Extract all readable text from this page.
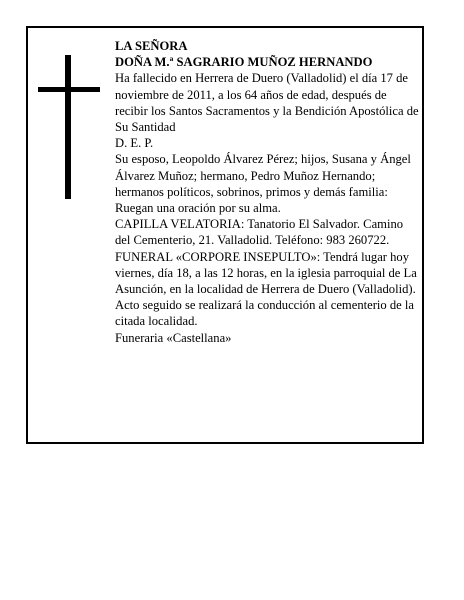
LA SEÑORA

DOÑA M.ª SAGRARIO MUÑOZ HERNANDO

Ha fallecido en Herrera de Duero (Valladolid) el día 17 de noviembre de 2011, a los 64 años de edad, después de recibir los Santos Sacramentos y la Bendición Apostólica de Su Santidad

D. E. P.

Su esposo, Leopoldo Álvarez Pérez; hijos, Susana y Ángel Álvarez Muñoz; hermano, Pedro Muñoz Hernando; hermanos políticos, sobrinos, primos y demás familia:

Ruegan una oración por su alma.

CAPILLA VELATORIA: Tanatorio El Salvador. Camino del Cementerio, 21. Valladolid. Teléfono: 983 260722.

FUNERAL «CORPORE INSEPULTO»: Tendrá lugar hoy viernes, día 18, a las 12 horas, en la iglesia parroquial de La Asunción, en la localidad de Herrera de Duero (Valladolid). Acto seguido se realizará la conducción al cementerio de la citada localidad.

Funeraria «Castellana»
